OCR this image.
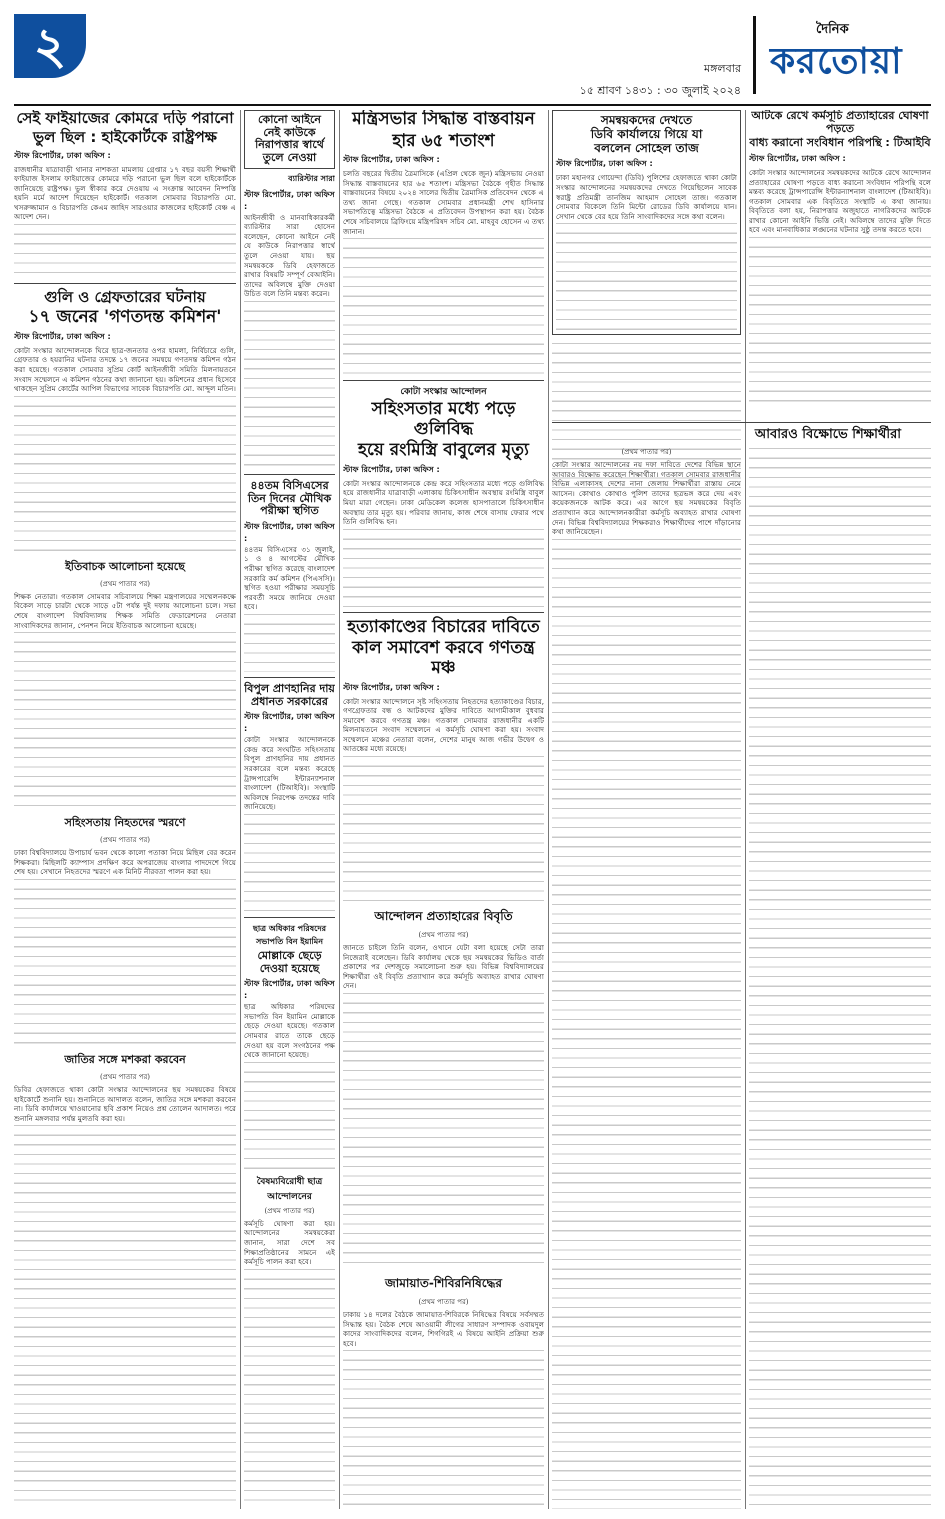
২	মঙ্গলবার
১৫ শ্রাবণ ১৪৩১ : ৩০ জুলাই ২০২৪
দৈনিক
করতোয়া
সেই ফাইয়াজের কোমরে দড়ি পরানো
ভুল ছিল : হাইকোর্টকে রাষ্ট্রপক্ষ
স্টাফ রিপোর্টার, ঢাকা অফিস :
রাজধানীর যাত্রাবাড়ী থানার নাশকতা মামলায় গ্রেপ্তার ১৭ বছর বয়সী শিক্ষার্থী ফাইয়াজ ইসলাম ফাইয়াজের কোমরে দড়ি পরানো ভুল ছিল বলে হাইকোর্টকে জানিয়েছে রাষ্ট্রপক্ষ। ভুল স্বীকার করে দেওয়ায় এ সংক্রান্ত আবেদন নিষ্পত্তি হয়নি মর্মে আদেশ দিয়েছেন হাইকোর্ট। গতকাল সোমবার বিচারপতি মো. খসরুজ্জামান ও বিচারপতি কেএম জাহিদ সারওয়ার কাজলের হাইকোর্ট বেঞ্চ এ আদেশ দেন।
গুলি ও গ্রেফতারের ঘটনায়
১৭ জনের 'গণতদন্ত কমিশন'
স্টাফ রিপোর্টার, ঢাকা অফিস :
কোটা সংস্কার আন্দোলনকে ঘিরে ছাত্র-জনতার ওপর হামলা, নির্বিচারে গুলি, গ্রেফতার ও হয়রানির ঘটনার তদন্তে ১৭ জনের সমন্বয়ে গণতদন্ত কমিশন গঠন করা হয়েছে। গতকাল সোমবার সুপ্রিম কোর্ট আইনজীবী সমিতি মিলনায়তনে সংবাদ সম্মেলনে এ কমিশন গঠনের কথা জানানো হয়। কমিশনের প্রধান হিসেবে থাকছেন সুপ্রিম কোর্টের আপিল বিভাগের সাবেক বিচারপতি মো. আব্দুল মতিন।
ইতিবাচক আলোচনা হয়েছে
(প্রথম পাতার পর)
শিক্ষক নেতারা। গতকাল সোমবার সচিবালয়ে শিক্ষা মন্ত্রণালয়ের সম্মেলনকক্ষে বিকেল সাড়ে চারটা থেকে সাড়ে ৫টা পর্যন্ত দুই দফায় আলোচনা চলে। সভা শেষে বাংলাদেশ বিশ্ববিদ্যালয় শিক্ষক সমিতি ফেডারেশনের নেতারা সাংবাদিকদের জানান, পেনশন নিয়ে ইতিবাচক আলোচনা হয়েছে।
সহিংসতায় নিহতদের স্মরণে
(প্রথম পাতার পর)
ঢাকা বিশ্ববিদ্যালয়ে উপাচার্য ভবন থেকে কালো পতাকা নিয়ে মিছিল বের করেন শিক্ষকরা। মিছিলটি ক্যাম্পাস প্রদক্ষিণ করে অপরাজেয় বাংলার পাদদেশে গিয়ে শেষ হয়। সেখানে নিহতদের স্মরণে এক মিনিট নীরবতা পালন করা হয়।
জাতির সঙ্গে মশকরা করবেন
(প্রথম পাতার পর)
ডিবির হেফাজতে থাকা কোটা সংস্কার আন্দোলনের ছয় সমন্বয়কের বিষয়ে হাইকোর্টে শুনানি হয়। শুনানিতে আদালত বলেন, জাতির সঙ্গে মশকরা করবেন না। ডিবি কার্যালয়ে খাওয়ানোর ছবি প্রকাশ নিয়েও প্রশ্ন তোলেন আদালত। পরে শুনানি মঙ্গলবার পর্যন্ত মুলতবি করা হয়।
কোনো আইনে নেই কাউকে নিরাপত্তার স্বার্থে তুলে নেওয়া
ব্যারিস্টার সারা
স্টাফ রিপোর্টার, ঢাকা অফিস :
আইনজীবী ও মানবাধিকারকর্মী ব্যারিস্টার সারা হোসেন বলেছেন, কোনো আইনে নেই যে কাউকে নিরাপত্তার স্বার্থে তুলে নেওয়া যায়। ছয় সমন্বয়ককে ডিবি হেফাজতে রাখার বিষয়টি সম্পূর্ণ বেআইনি। তাদের অবিলম্বে মুক্তি দেওয়া উচিত বলে তিনি মন্তব্য করেন।
৪৪তম বিসিএসের তিন দিনের মৌখিক পরীক্ষা স্থগিত
স্টাফ রিপোর্টার, ঢাকা অফিস :
৪৪তম বিসিএসের ৩১ জুলাই, ১ ও ৪ আগস্টের মৌখিক পরীক্ষা স্থগিত করেছে বাংলাদেশ সরকারি কর্ম কমিশন (পিএসসি)। স্থগিত হওয়া পরীক্ষার সময়সূচি পরবর্তী সময়ে জানিয়ে দেওয়া হবে।
বিপুল প্রাণহানির দায় প্রধানত সরকারের
স্টাফ রিপোর্টার, ঢাকা অফিস :
কোটা সংস্কার আন্দোলনকে কেন্দ্র করে সংঘটিত সহিংসতায় বিপুল প্রাণহানির দায় প্রধানত সরকারের বলে মন্তব্য করেছে ট্রান্সপারেন্সি ইন্টারন্যাশনাল বাংলাদেশ (টিআইবি)। সংস্থাটি অবিলম্বে নিরপেক্ষ তদন্তের দাবি জানিয়েছে।
ছাত্র অধিকার পরিষদের সভাপতি বিন ইয়ামিন
মোল্লাকে ছেড়ে দেওয়া হয়েছে
স্টাফ রিপোর্টার, ঢাকা অফিস :
ছাত্র অধিকার পরিষদের সভাপতি বিন ইয়ামিন মোল্লাকে ছেড়ে দেওয়া হয়েছে। গতকাল সোমবার রাতে তাকে ছেড়ে দেওয়া হয় বলে সংগঠনের পক্ষ থেকে জানানো হয়েছে।
বৈষম্যবিরোধী ছাত্র আন্দোলনের
(প্রথম পাতার পর)
কর্মসূচি ঘোষণা করা হয়। আন্দোলনের সমন্বয়কেরা জানান, সারা দেশে সব শিক্ষাপ্রতিষ্ঠানের সামনে এই কর্মসূচি পালন করা হবে।
মন্ত্রিসভার সিদ্ধান্ত বাস্তবায়ন
হার ৬৫ শতাংশ
স্টাফ রিপোর্টার, ঢাকা অফিস :
চলতি বছরের দ্বিতীয় ত্রৈমাসিকে (এপ্রিল থেকে জুন) মন্ত্রিসভায় নেওয়া সিদ্ধান্ত বাস্তবায়নের হার ৬৫ শতাংশ। মন্ত্রিসভা বৈঠকে গৃহীত সিদ্ধান্ত বাস্তবায়নের বিষয়ে ২০২৪ সালের দ্বিতীয় ত্রৈমাসিক প্রতিবেদন থেকে এ তথ্য জানা গেছে। গতকাল সোমবার প্রধানমন্ত্রী শেখ হাসিনার সভাপতিত্বে মন্ত্রিসভা বৈঠকে এ প্রতিবেদন উপস্থাপন করা হয়। বৈঠক শেষে সচিবালয়ে ব্রিফিংয়ে মন্ত্রিপরিষদ সচিব মো. মাহবুব হোসেন এ তথ্য জানান।
কোটা সংস্কার আন্দোলন
সহিংসতার মধ্যে পড়ে গুলিবিদ্ধ
হয়ে রংমিস্ত্রি বাবুলের মৃত্যু
স্টাফ রিপোর্টার, ঢাকা অফিস :
কোটা সংস্কার আন্দোলনকে কেন্দ্র করে সহিংসতার মধ্যে পড়ে গুলিবিদ্ধ হয়ে রাজধানীর যাত্রাবাড়ী এলাকায় চিকিৎসাধীন অবস্থায় রংমিস্ত্রি বাবুল মিয়া মারা গেছেন। ঢাকা মেডিকেল কলেজ হাসপাতালে চিকিৎসাধীন অবস্থায় তার মৃত্যু হয়। পরিবার জানায়, কাজ শেষে বাসায় ফেরার পথে তিনি গুলিবিদ্ধ হন।
হত্যাকাণ্ডের বিচারের দাবিতে
কাল সমাবেশ করবে গণতন্ত্র মঞ্চ
স্টাফ রিপোর্টার, ঢাকা অফিস :
কোটা সংস্কার আন্দোলনে সৃষ্ট সহিংসতায় নিহতদের হত্যাকাণ্ডের বিচার, গণগ্রেফতার বন্ধ ও আটকদের মুক্তির দাবিতে আগামীকাল বুধবার সমাবেশ করবে গণতন্ত্র মঞ্চ। গতকাল সোমবার রাজধানীর একটি মিলনায়তনে সংবাদ সম্মেলনে এ কর্মসূচি ঘোষণা করা হয়। সংবাদ সম্মেলনে মঞ্চের নেতারা বলেন, দেশের মানুষ আজ গভীর উদ্বেগ ও আতঙ্কের মধ্যে রয়েছে।
আন্দোলন প্রত্যাহারের বিবৃতি
(প্রথম পাতার পর)
জানতে চাইলে তিনি বলেন, ওখানে যেটা বলা হয়েছে সেটা তারা নিজেরাই বলেছেন। ডিবি কার্যালয় থেকে ছয় সমন্বয়কের ভিডিও বার্তা প্রকাশের পর দেশজুড়ে সমালোচনা শুরু হয়। বিভিন্ন বিশ্ববিদ্যালয়ের শিক্ষার্থীরা ওই বিবৃতি প্রত্যাখ্যান করে কর্মসূচি অব্যাহত রাখার ঘোষণা দেন।
জামায়াত-শিবিরনিষিদ্ধের
(প্রথম পাতার পর)
ঢাকায় ১৪ দলের বৈঠকে জামায়াত-শিবিরকে নিষিদ্ধের বিষয়ে সর্বসম্মত সিদ্ধান্ত হয়। বৈঠক শেষে আওয়ামী লীগের সাধারণ সম্পাদক ওবায়দুল কাদের সাংবাদিকদের বলেন, শিগগিরই এ বিষয়ে আইনি প্রক্রিয়া শুরু হবে।
সমন্বয়কদের দেখতে
ডিবি কার্যালয়ে গিয়ে যা
বললেন সোহেল তাজ
স্টাফ রিপোর্টার, ঢাকা অফিস :
ঢাকা মহানগর গোয়েন্দা (ডিবি) পুলিশের হেফাজতে থাকা কোটা সংস্কার আন্দোলনের সমন্বয়কদের দেখতে গিয়েছিলেন সাবেক স্বরাষ্ট্র প্রতিমন্ত্রী তানজিম আহমাদ সোহেল তাজ। গতকাল সোমবার বিকেলে তিনি মিন্টো রোডের ডিবি কার্যালয়ে যান। সেখান থেকে বের হয়ে তিনি সাংবাদিকদের সঙ্গে কথা বলেন।
আটকে রেখে কর্মসূচি প্রত্যাহারের ঘোষণা পড়তে
বাধ্য করানো সংবিধান পরিপন্থি : টিআইবি
স্টাফ রিপোর্টার, ঢাকা অফিস :
কোটা সংস্কার আন্দোলনের সমন্বয়কদের আটকে রেখে আন্দোলন প্রত্যাহারের ঘোষণা পড়তে বাধ্য করানো সংবিধান পরিপন্থি বলে মন্তব্য করেছে ট্রান্সপারেন্সি ইন্টারন্যাশনাল বাংলাদেশ (টিআইবি)। গতকাল সোমবার এক বিবৃতিতে সংস্থাটি এ কথা জানায়। বিবৃতিতে বলা হয়, নিরাপত্তার অজুহাতে নাগরিকদের আটকে রাখার কোনো আইনি ভিত্তি নেই। অবিলম্বে তাদের মুক্তি দিতে হবে এবং মানবাধিকার লঙ্ঘনের ঘটনার সুষ্ঠু তদন্ত করতে হবে।
আবারও বিক্ষোভে শিক্ষার্থীরা
(প্রথম পাতার পর)
কোটা সংস্কার আন্দোলনের নয় দফা দাবিতে দেশের বিভিন্ন স্থানে আবারও বিক্ষোভ করেছেন শিক্ষার্থীরা। গতকাল সোমবার রাজধানীর বিভিন্ন এলাকাসহ দেশের নানা জেলায় শিক্ষার্থীরা রাস্তায় নেমে আসেন। কোথাও কোথাও পুলিশ তাদের ছত্রভঙ্গ করে দেয় এবং কয়েকজনকে আটক করে। এর আগে ছয় সমন্বয়কের বিবৃতি প্রত্যাখ্যান করে আন্দোলনকারীরা কর্মসূচি অব্যাহত রাখার ঘোষণা দেন। বিভিন্ন বিশ্ববিদ্যালয়ের শিক্ষকরাও শিক্ষার্থীদের পাশে দাঁড়ানোর কথা জানিয়েছেন।
